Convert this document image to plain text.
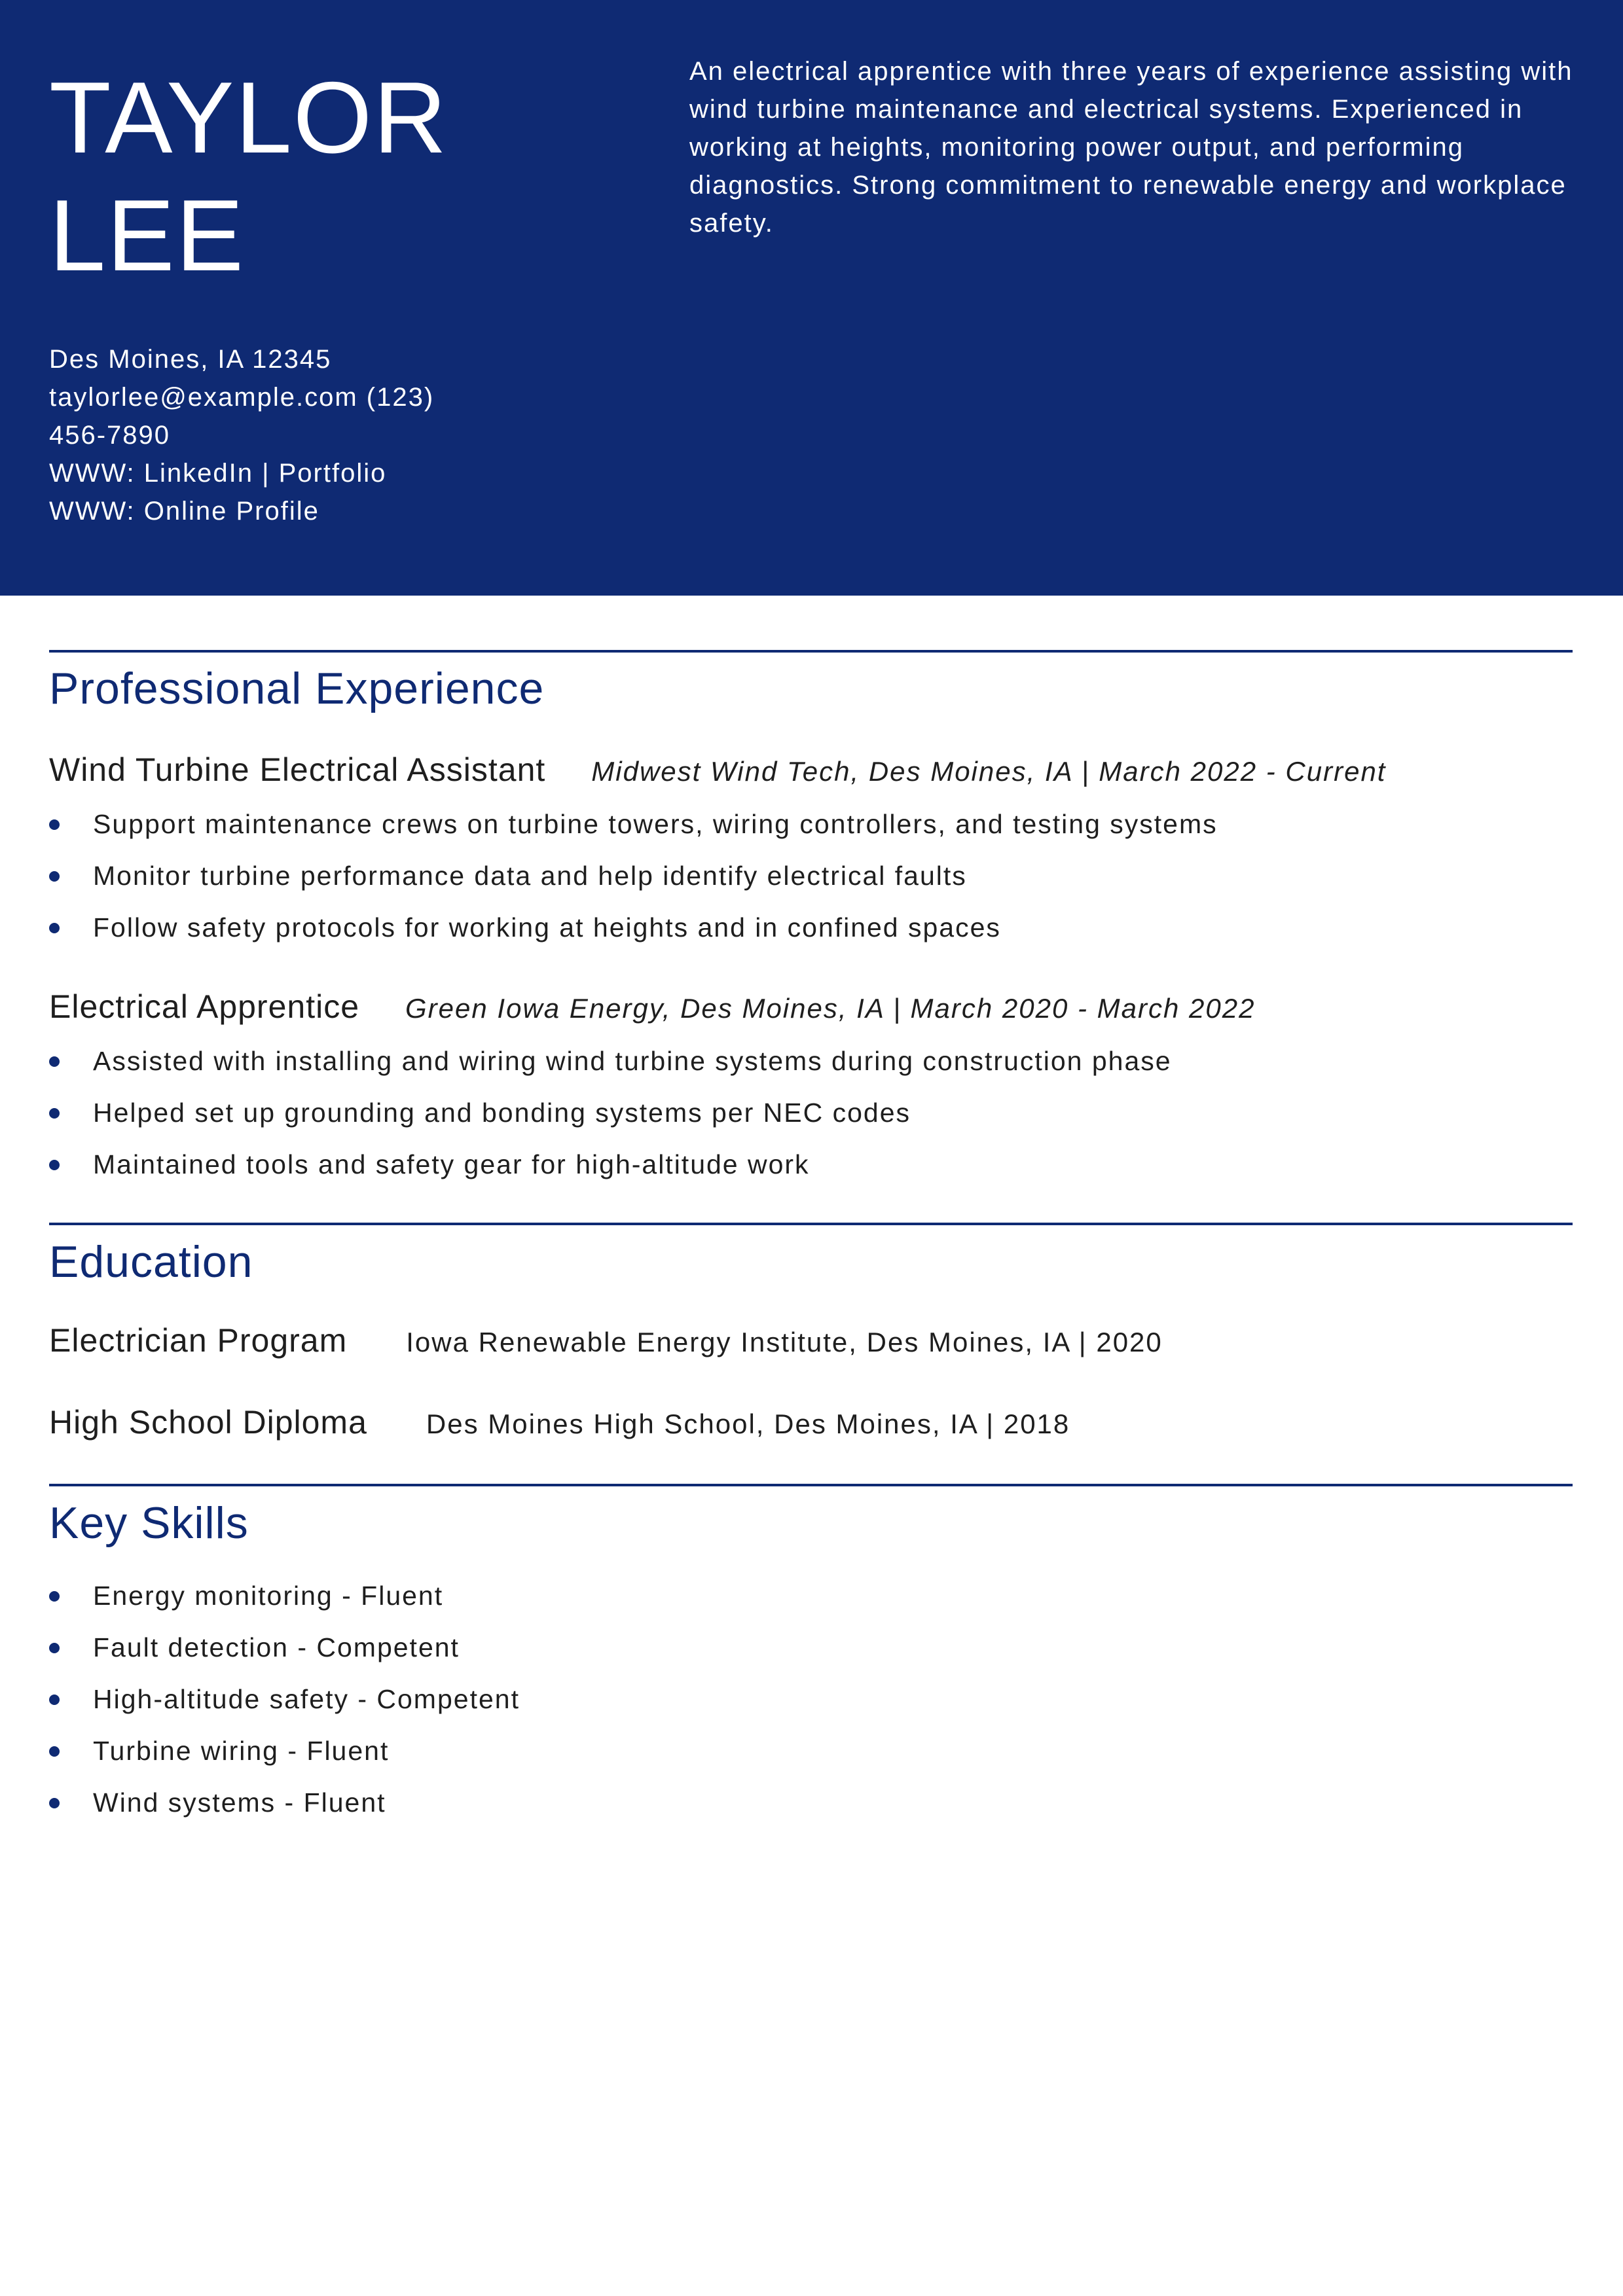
TAYLOR
LEE
An electrical apprentice with three years of experience assisting with wind turbine maintenance and electrical systems. Experienced in working at heights, monitoring power output, and performing diagnostics. Strong commitment to renewable energy and workplace safety.
Des Moines, IA 12345
taylorlee@example.com (123)
456-7890
WWW: LinkedIn | Portfolio
WWW: Online Profile
Professional Experience
Wind Turbine Electrical Assistant Midwest Wind Tech, Des Moines, IA | March 2022 - Current
Support maintenance crews on turbine towers, wiring controllers, and testing systems
Monitor turbine performance data and help identify electrical faults
Follow safety protocols for working at heights and in confined spaces
Electrical Apprentice Green Iowa Energy, Des Moines, IA | March 2020 - March 2022
Assisted with installing and wiring wind turbine systems during construction phase
Helped set up grounding and bonding systems per NEC codes
Maintained tools and safety gear for high-altitude work
Education
Electrician Program Iowa Renewable Energy Institute, Des Moines, IA | 2020
High School Diploma Des Moines High School, Des Moines, IA | 2018
Key Skills
Energy monitoring - Fluent
Fault detection - Competent
High-altitude safety - Competent
Turbine wiring - Fluent
Wind systems - Fluent
